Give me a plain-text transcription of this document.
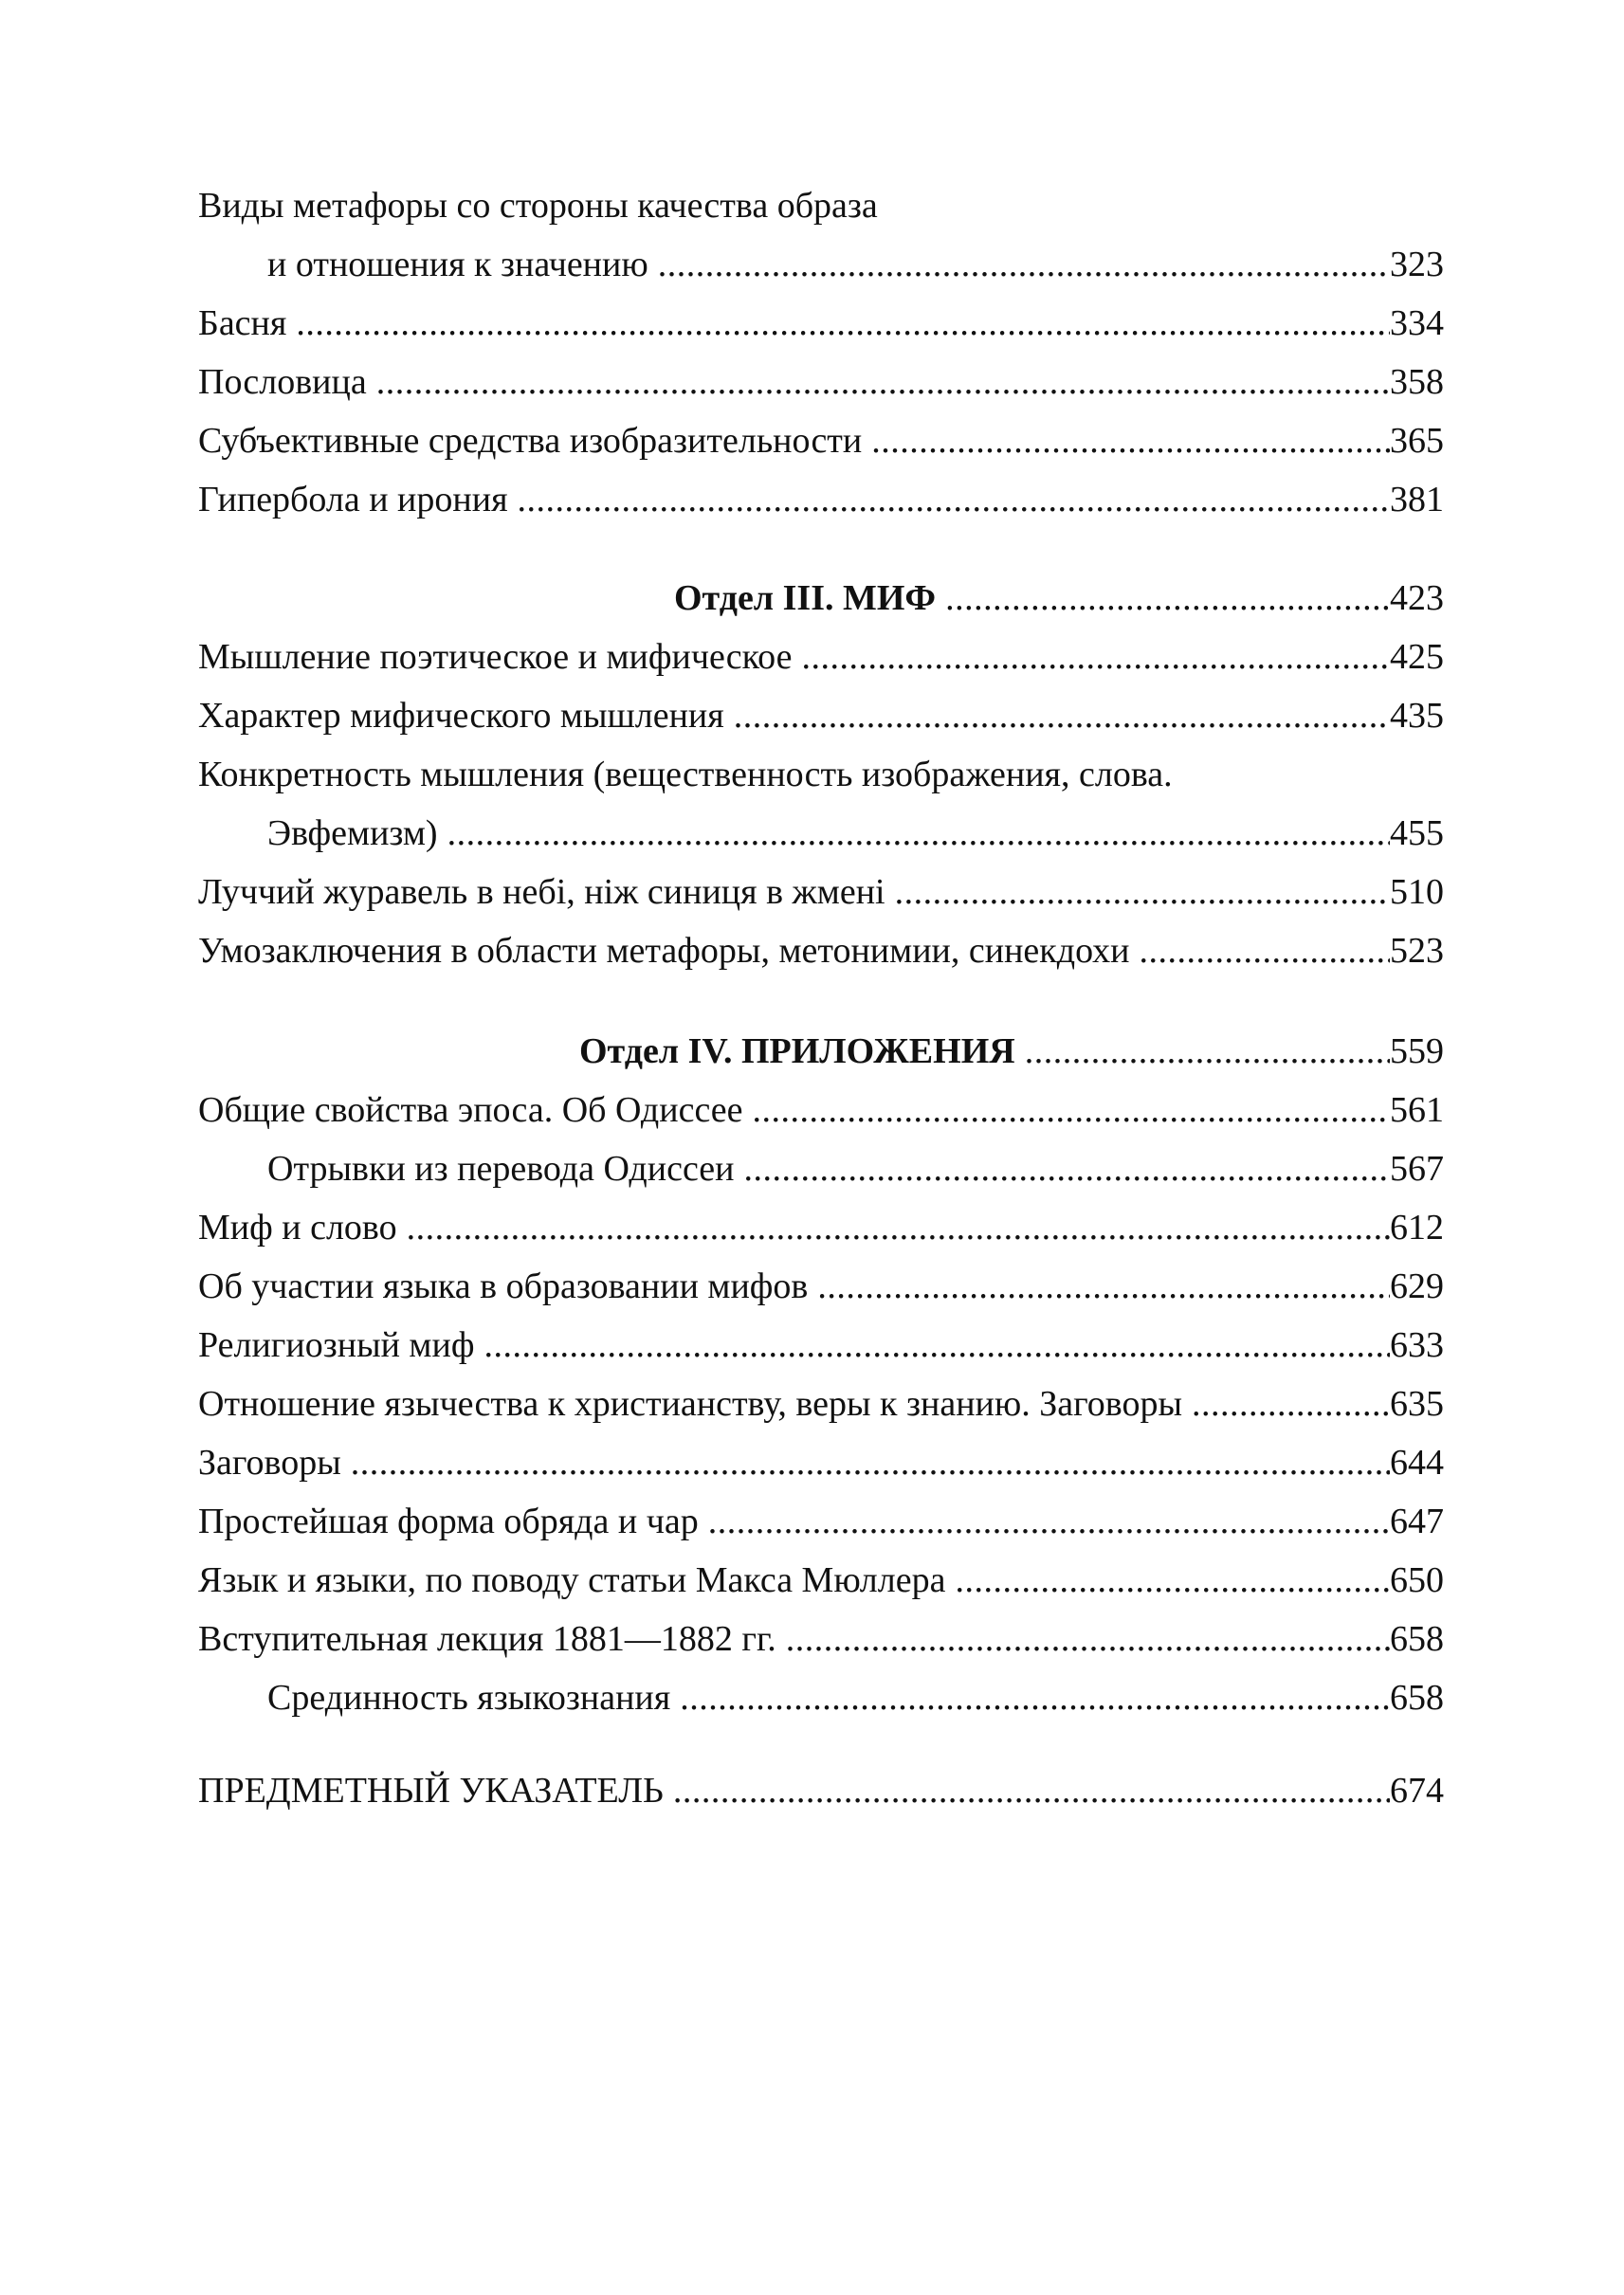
Виды метафоры со стороны качества образа
и отношения к значению .....	323
Басня .....	334
Пословица .....	358
Субъективные средства изобразительности .....	365
Гипербола и ирония .....	381
Отдел III. МИФ .....	423
Мышление поэтическое и мифическое .....	425
Характер мифического мышления .....	435
Конкретность мышления (вещественность изображения, слова.
Эвфемизм) .....	455
Луччий журавель в небі, ніж синиця в жмені .....	510
Умозаключения в области метафоры, метонимии, синекдохи .....	523
Отдел IV. ПРИЛОЖЕНИЯ .....	559
Общие свойства эпоса. Об Одиссее .....	561
Отрывки из перевода Одиссеи .....	567
Миф и слово .....	612
Об участии языка в образовании мифов .....	629
Религиозный миф .....	633
Отношение язычества к христианству, веры к знанию. Заговоры .....	635
Заговоры .....	644
Простейшая форма обряда и чар .....	647
Язык и языки, по поводу статьи Макса Мюллера .....	650
Вступительная лекция 1881—1882 гг. .....	658
Срединность языкознания .....	658
ПРЕДМЕТНЫЙ УКАЗАТЕЛЬ .....	674
